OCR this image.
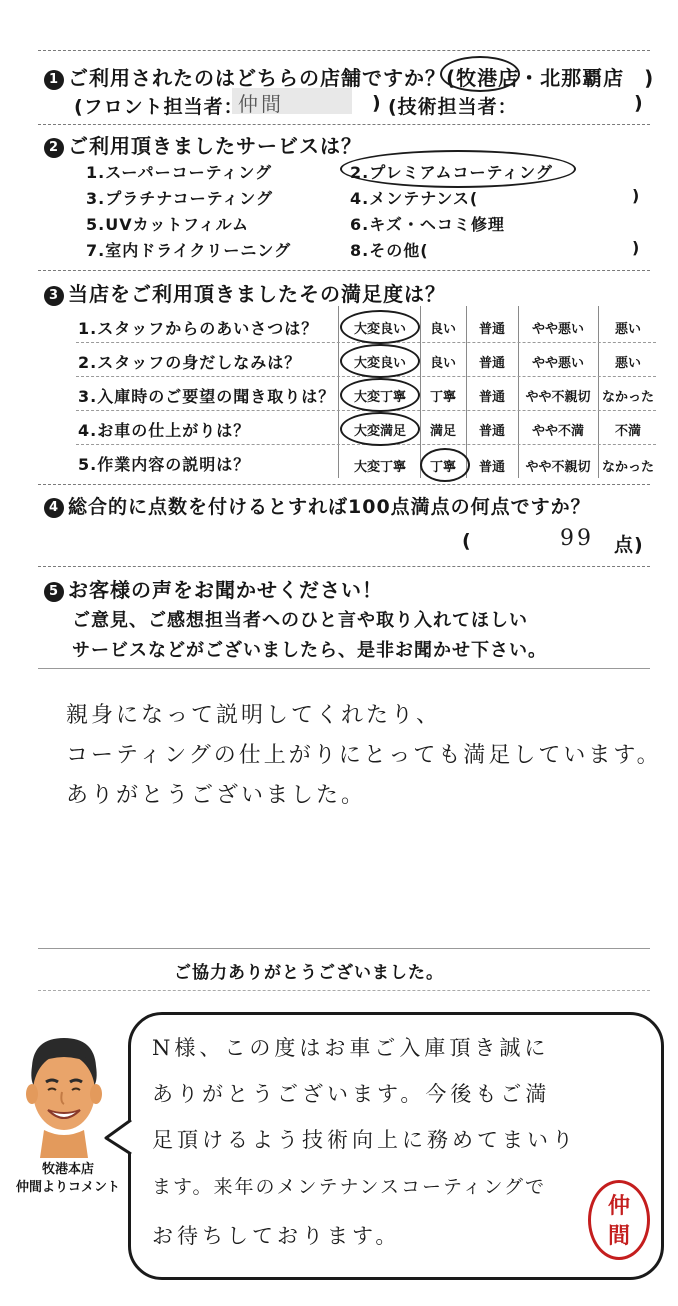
1 ご利用されたのはどちらの店舗ですか？(牧港店・北那覇店 )
(フロント担当者：
仲間	) (技術担当者：	)
2 ご利用頂きましたサービスは？
1.スーパーコーティング	2.プレミアムコーティング
3.プラチナコーティング	4.メンテナンス(	)
5.UVカットフィルム	6.キズ・ヘコミ修理
7.室内ドライクリーニング	8.その他(	)
3 当店をご利用頂きましたその満足度は？
1.スタッフからのあいさつは？	大変良い	良い	普通	やや悪い	悪い
2.スタッフの身だしなみは？	大変良い	良い	普通	やや悪い	悪い
3.入庫時のご要望の聞き取りは？	大変丁寧	丁寧	普通	やや不親切 なかった
4.お車の仕上がりは？	大変満足	満足	普通	やや不満	不満
5.作業内容の説明は？	大変丁寧	丁寧	普通	やや不親切 なかった
4 総合的に点数を付けるとすれば100点満点の何点ですか？
(	99 点)
5 お客様の声をお聞かせください！
ご意見、ご感想担当者へのひと言や取り入れてほしい
サービスなどがございましたら、是非お聞かせ下さい。
親身になって説明してくれたり、
コーティングの仕上がりにとっても満足しています。
ありがとうございました。
ご協力ありがとうございました。
牧港本店
仲間よりコメント
N様、この度はお車ご入庫頂き誠に
ありがとうございます。今後もご満
足頂けるよう技術向上に務めてまいり
ます。来年のメンテナンスコーティングで
お待ちしております。
仲
間
